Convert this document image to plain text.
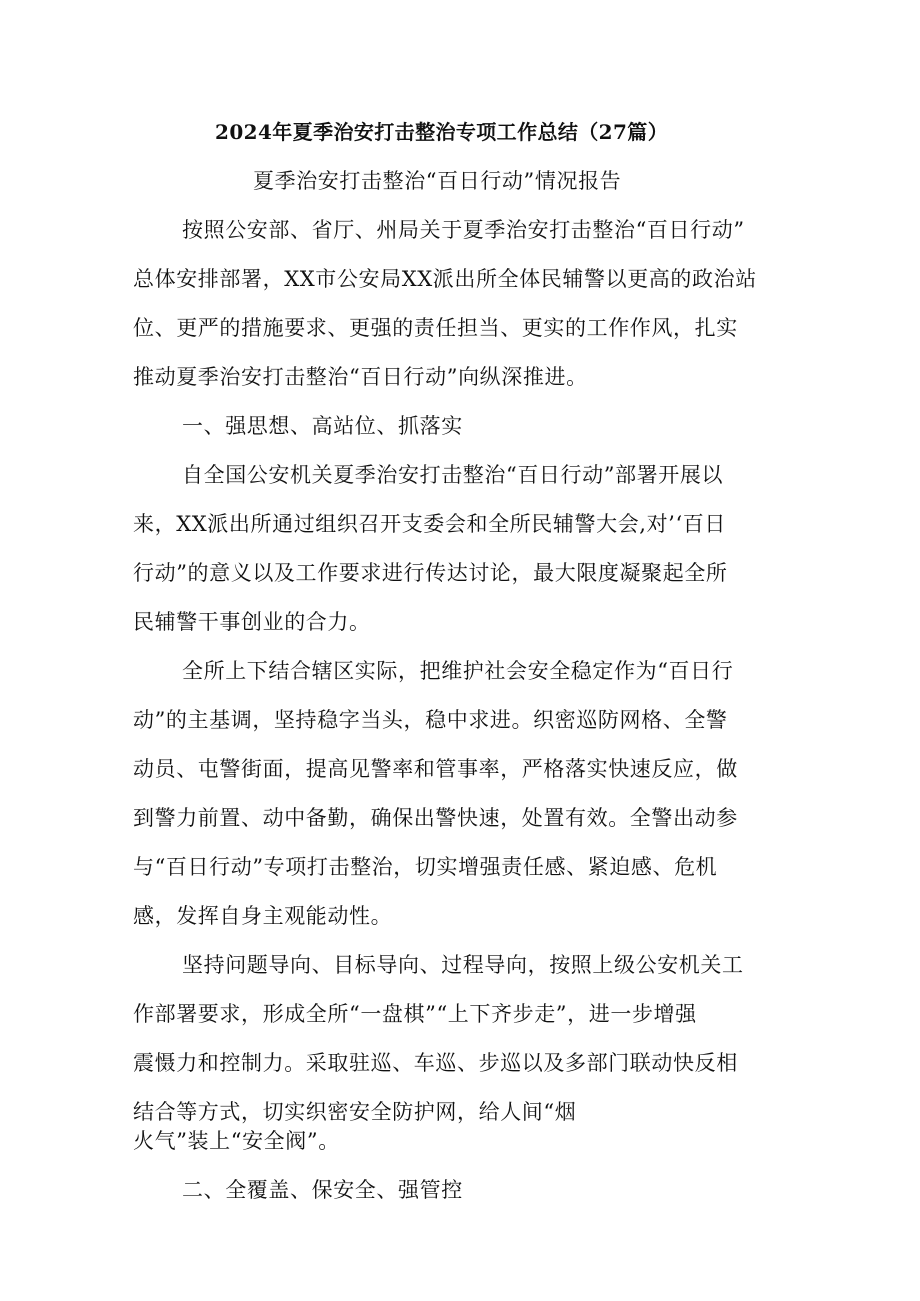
2024年夏季治安打击整治专项工作总结（27篇）
夏季治安打击整治“百日行动”情况报告
按照公安部、省厅、州局关于夏季治安打击整治“百日行动”
总体安排部署，XX市公安局XX派出所全体民辅警以更高的政治站
位、更严的措施要求、更强的责任担当、更实的工作作风，扎实
推动夏季治安打击整治“百日行动”向纵深推进。
一、强思想、高站位、抓落实
自全国公安机关夏季治安打击整治“百日行动”部署开展以
来，XX派出所通过组织召开支委会和全所民辅警大会,对’‘百日
行动”的意义以及工作要求进行传达讨论，最大限度凝聚起全所
民辅警干事创业的合力。
全所上下结合辖区实际，把维护社会安全稳定作为“百日行
动”的主基调，坚持稳字当头，稳中求进。织密巡防网格、全警
动员、屯警街面，提高见警率和管事率，严格落实快速反应，做
到警力前置、动中备勤，确保出警快速，处置有效。全警出动参
与“百日行动”专项打击整治，切实增强责任感、紧迫感、危机
感，发挥自身主观能动性。
坚持问题导向、目标导向、过程导向，按照上级公安机关工
作部署要求，形成全所“一盘棋”“上下齐步走”，进一步增强
震慑力和控制力。采取驻巡、车巡、步巡以及多部门联动快反相
结合等方式，切实织密安全防护网，给人间“烟
火气”装上“安全阀”。
二、全覆盖、保安全、强管控
